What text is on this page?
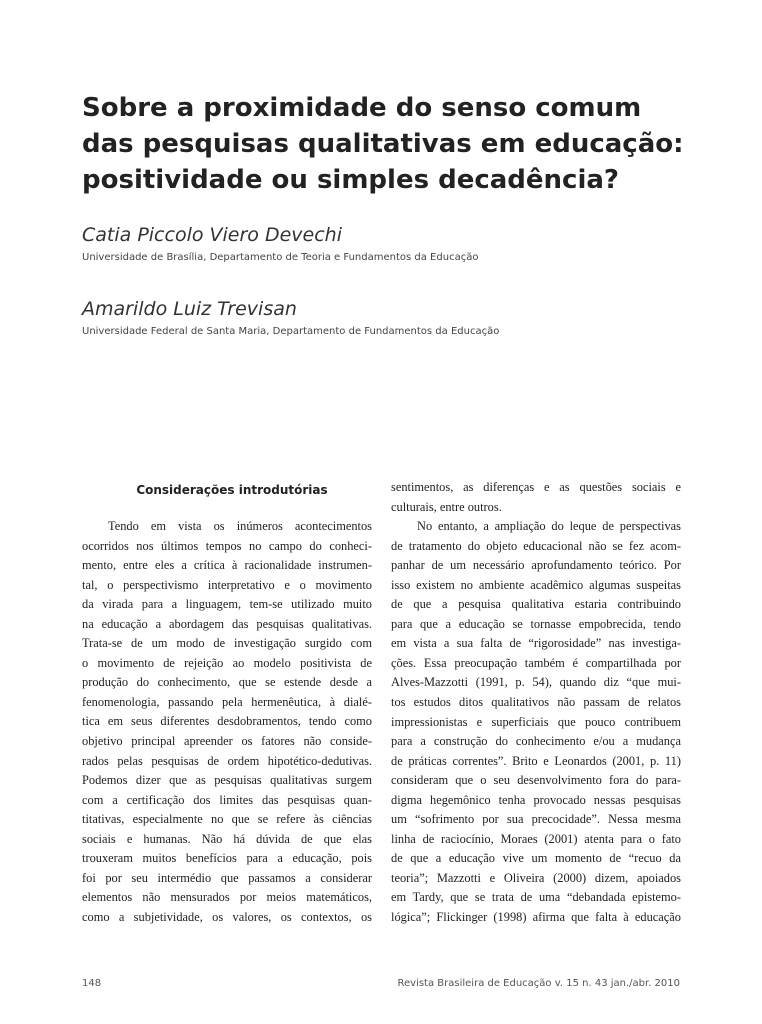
Sobre a proximidade do senso comum
das pesquisas qualitativas em educação:
positividade ou simples decadência?

Catia Piccolo Viero Devechi

Universidade de Brasília, Departamento de Teoria e Fundamentos da Educação

Amarildo Luiz Trevisan

Universidade Federal de Santa Maria, Departamento de Fundamentos da Educação

Considerações introdutórias
Tendo em vista os inúmeros acontecimentos
ocorridos nos últimos tempos no campo do conheci-
mento, entre eles a crítica à racionalidade instrumen-
tal, o perspectivismo interpretativo e o movimento
da virada para a linguagem, tem-se utilizado muito
na educação a abordagem das pesquisas qualitativas.
Trata-se de um modo de investigação surgido com
o movimento de rejeição ao modelo positivista de
produção do conhecimento, que se estende desde a
fenomenologia, passando pela hermenêutica, à dialé-
tica em seus diferentes desdobramentos, tendo como
objetivo principal apreender os fatores não conside-
rados pelas pesquisas de ordem hipotético-dedutivas.
Podemos dizer que as pesquisas qualitativas surgem
com a certificação dos limites das pesquisas quan-
titativas, especialmente no que se refere às ciências
sociais e humanas. Não há dúvida de que elas
trouxeram muitos benefícios para a educação, pois
foi por seu intermédio que passamos a considerar
elementos não mensurados por meios matemáticos,
como a subjetividade, os valores, os contextos, os
sentimentos, as diferenças e as questões sociais e
culturais, entre outros.
No entanto, a ampliação do leque de perspectivas
de tratamento do objeto educacional não se fez acom-
panhar de um necessário aprofundamento teórico. Por
isso existem no ambiente acadêmico algumas suspeitas
de que a pesquisa qualitativa estaria contribuindo
para que a educação se tornasse empobrecida, tendo
em vista a sua falta de “rigorosidade” nas investiga-
ções. Essa preocupação também é compartilhada por
Alves-Mazzotti (1991, p. 54), quando diz “que mui-
tos estudos ditos qualitativos não passam de relatos
impressionistas e superficiais que pouco contribuem
para a construção do conhecimento e/ou a mudança
de práticas correntes”. Brito e Leonardos (2001, p. 11)
consideram que o seu desenvolvimento fora do para-
digma hegemônico tenha provocado nessas pesquisas
um “sofrimento por sua precocidade”. Nessa mesma
linha de raciocínio, Moraes (2001) atenta para o fato
de que a educação vive um momento de “recuo da
teoria”; Mazzotti e Oliveira (2000) dizem, apoiados
em Tardy, que se trata de uma “debandada epistemo-
lógica”; Flickinger (1998) afirma que falta à educação
148	Revista Brasileira de Educação v. 15 n. 43 jan./abr. 2010
